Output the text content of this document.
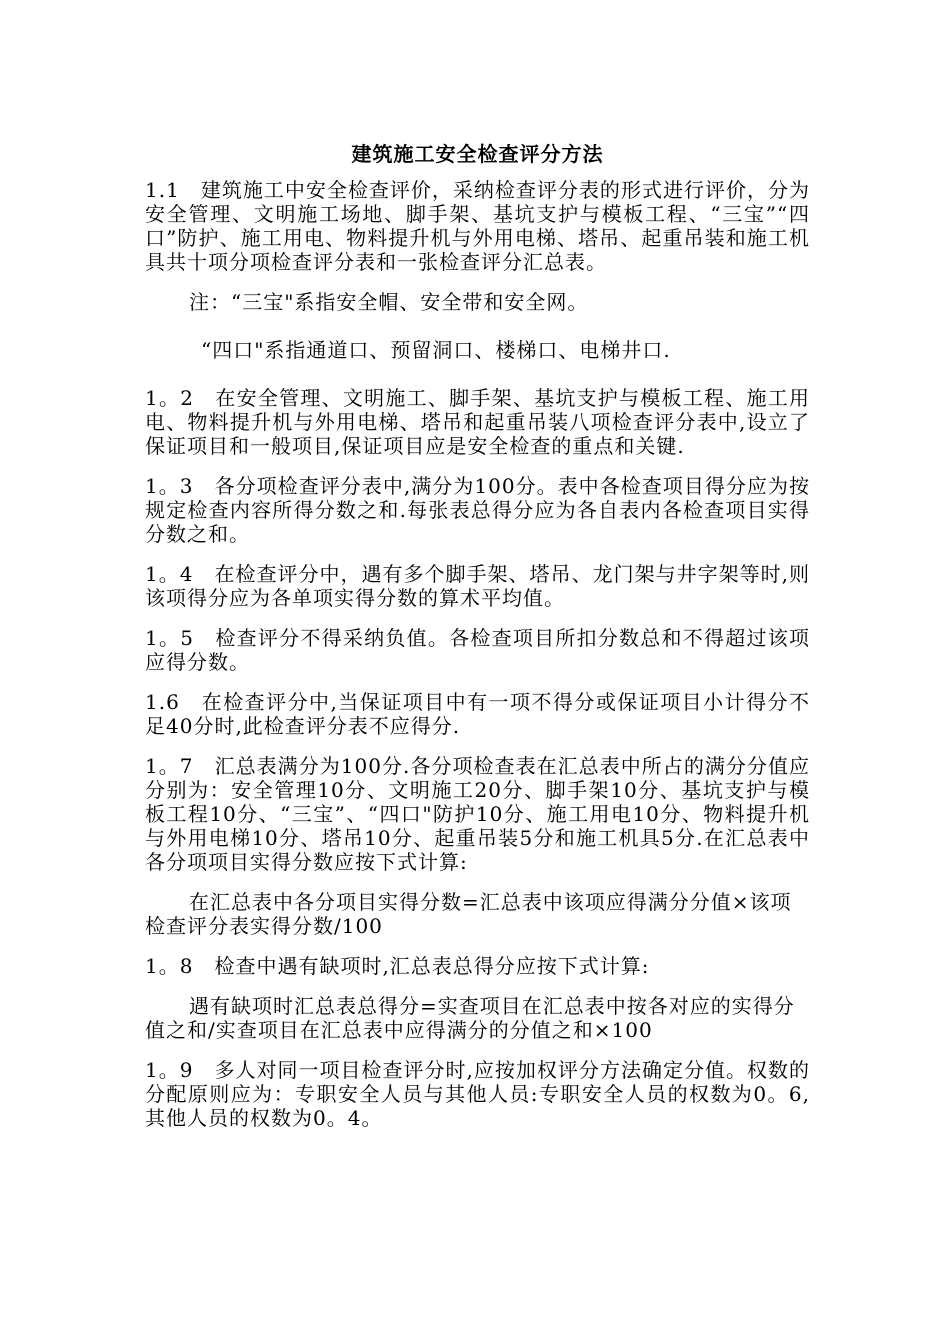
建筑施工安全检查评分方法
1.1　建筑施工中安全检查评价，采纳检查评分表的形式进行评价，分为安全管理、文明施工场地、脚手架、基坑支护与模板工程、“三宝”“四口”防护、施工用电、物料提升机与外用电梯、塔吊、起重吊装和施工机具共十项分项检查评分表和一张检查评分汇总表。
注：“三宝"系指安全帽、安全带和安全网。
“四口"系指通道口、预留洞口、楼梯口、电梯井口.
1。2　在安全管理、文明施工、脚手架、基坑支护与模板工程、施工用电、物料提升机与外用电梯、塔吊和起重吊装八项检查评分表中,设立了保证项目和一般项目,保证项目应是安全检查的重点和关键.
1。3　各分项检查评分表中,满分为100分。表中各检查项目得分应为按规定检查内容所得分数之和.每张表总得分应为各自表内各检查项目实得分数之和。
1。4　在检查评分中，遇有多个脚手架、塔吊、龙门架与井字架等时,则该项得分应为各单项实得分数的算术平均值。
1。5　检查评分不得采纳负值。各检查项目所扣分数总和不得超过该项应得分数。
1.6　在检查评分中,当保证项目中有一项不得分或保证项目小计得分不足40分时,此检查评分表不应得分.
1。7　汇总表满分为100分.各分项检查表在汇总表中所占的满分分值应分别为：安全管理10分、文明施工20分、脚手架10分、基坑支护与模板工程10分、“三宝”、“四口"防护10分、施工用电10分、物料提升机与外用电梯10分、塔吊10分、起重吊装5分和施工机具5分.在汇总表中各分项项目实得分数应按下式计算:
在汇总表中各分项目实得分数=汇总表中该项应得满分分值×该项检查评分表实得分数/100
1。8　检查中遇有缺项时,汇总表总得分应按下式计算:
遇有缺项时汇总表总得分=实查项目在汇总表中按各对应的实得分值之和/实查项目在汇总表中应得满分的分值之和×100
1。9　多人对同一项目检查评分时,应按加权评分方法确定分值。权数的分配原则应为：专职安全人员与其他人员:专职安全人员的权数为0。6,其他人员的权数为0。4。
